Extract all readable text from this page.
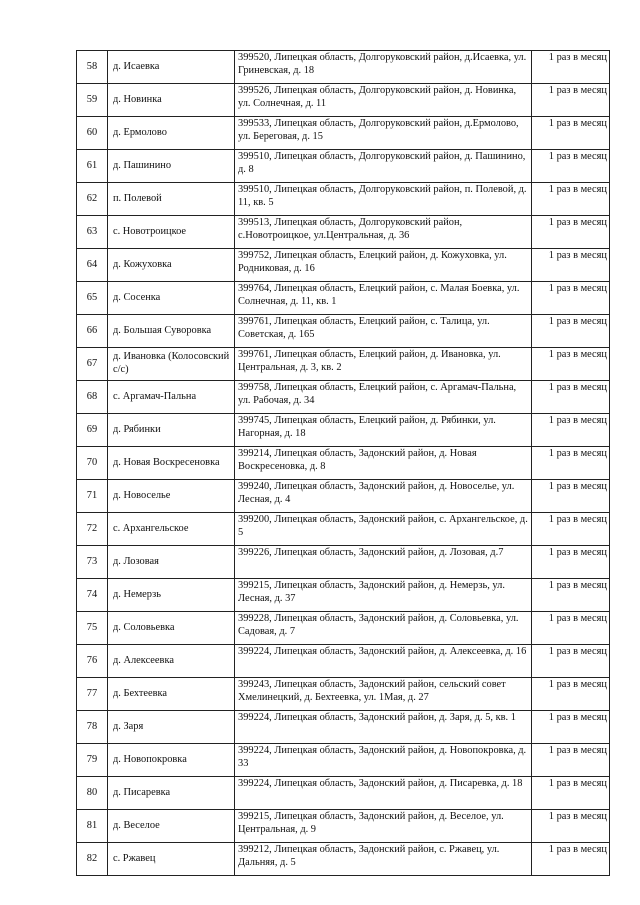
58	д. Исаевка	399520, Липецкая область, Долгоруковский район, д.Исаевка, ул. Гриневская, д. 18	1 раз в месяц
59	д. Новинка	399526, Липецкая область, Долгоруковский район, д. Новинка, ул. Солнечная, д. 11	1 раз в месяц
60	д. Ермолово	399533, Липецкая область, Долгоруковский район, д.Ермолово, ул. Береговая, д. 15	1 раз в месяц
61	д. Пашинино	399510, Липецкая область, Долгоруковский район, д. Пашинино, д. 8	1 раз в месяц
62	п. Полевой	399510, Липецкая область, Долгоруковский район, п. Полевой, д. 11, кв. 5	1 раз в месяц
63	с. Новотроицкое	399513, Липецкая область, Долгоруковский район, с.Новотроицкое, ул.Центральная, д. 36	1 раз в месяц
64	д. Кожуховка	399752, Липецкая область, Елецкий район, д. Кожуховка, ул. Родниковая, д. 16	1 раз в месяц
65	д. Сосенка	399764, Липецкая область, Елецкий район, с. Малая Боевка, ул. Солнечная, д. 11, кв. 1	1 раз в месяц
66	д. Большая Суворовка	399761, Липецкая область, Елецкий район, с. Талица, ул. Советская, д. 165	1 раз в месяц
67	д. Ивановка (Колосовский с/с)	399761, Липецкая область, Елецкий район, д. Ивановка, ул. Центральная, д. 3, кв. 2	1 раз в месяц
68	с. Аргамач-Пальна	399758, Липецкая область, Елецкий район, с. Аргамач-Пальна, ул. Рабочая, д. 34	1 раз в месяц
69	д. Рябинки	399745, Липецкая область, Елецкий район, д. Рябинки, ул. Нагорная, д. 18	1 раз в месяц
70	д. Новая Воскресеновка	399214, Липецкая область, Задонский район, д. Новая Воскресеновка, д. 8	1 раз в месяц
71	д. Новоселье	399240, Липецкая область, Задонский район, д. Новоселье, ул. Лесная, д. 4	1 раз в месяц
72	с. Архангельское	399200, Липецкая область, Задонский район, с. Архангельское, д. 5	1 раз в месяц
73	д. Лозовая	399226, Липецкая область, Задонский район, д. Лозовая, д.7	1 раз в месяц
74	д. Немерзь	399215, Липецкая область, Задонский район, д. Немерзь, ул. Лесная, д. 37	1 раз в месяц
75	д. Соловьевка	399228, Липецкая область, Задонский район, д. Соловьевка, ул. Садовая, д. 7	1 раз в месяц
76	д. Алексеевка	399224, Липецкая область, Задонский район, д. Алексеевка, д. 16	1 раз в месяц
77	д. Бехтеевка	399243, Липецкая область, Задонский район, сельский совет Хмелинецкий, д. Бехтеевка, ул. 1Мая, д. 27	1 раз в месяц
78	д. Заря	399224, Липецкая область, Задонский район, д. Заря, д. 5, кв. 1	1 раз в месяц
79	д. Новопокровка	399224, Липецкая область, Задонский район, д. Новопокровка, д. 33	1 раз в месяц
80	д. Писаревка	399224, Липецкая область, Задонский район, д. Писаревка, д. 18	1 раз в месяц
81	д. Веселое	399215, Липецкая область, Задонский район, д. Веселое, ул. Центральная, д. 9	1 раз в месяц
82	с. Ржавец	399212, Липецкая область, Задонский район, с. Ржавец, ул. Дальняя, д. 5	1 раз в месяц
